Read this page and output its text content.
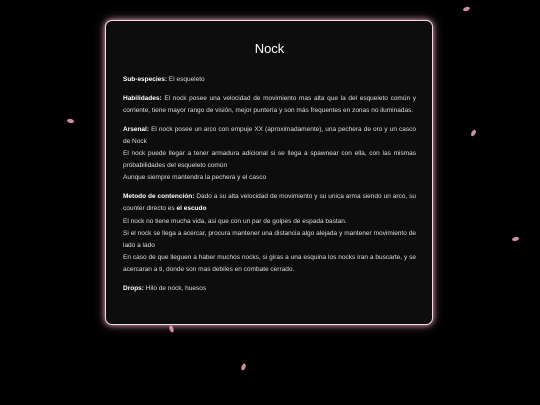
Nock

Sub-especies: El esqueleto

Habilidades: El nock posee una velocidad de movimiento mas alta que la del esqueleto común y corriente, tiene mayor rango de visión, mejor puntería y son más frequentes en zonas no iluminadas.

Arsenal: El nock posee un arco con empuje XX (aproximadamente), una pechera de oro y un casco de Nock

El nock puede llegar a tener armadura adicional si se llega a spawnear con ella, con las mismas probabilidades del esqueleto común

Aunque siempre mantendra la pechera y el casco

Metodo de contención: Dado a su alta velocidad de movimiento y su unica arma siendo un arco, su counter directo es el escudo

El nock no tiene mucha vida, asi que con un par de golpes de espada bastan.

Si el nock se llega a acercar, procura mantener una distancia algo alejada y mantener movimiento de lado a lado

En caso de que lleguen a haber muchos nocks, si giras a una esquina los nocks iran a buscarte, y se acercaran a ti, donde son mas debiles en combate cerrado.

Drops: Hilo de nock, huesos
